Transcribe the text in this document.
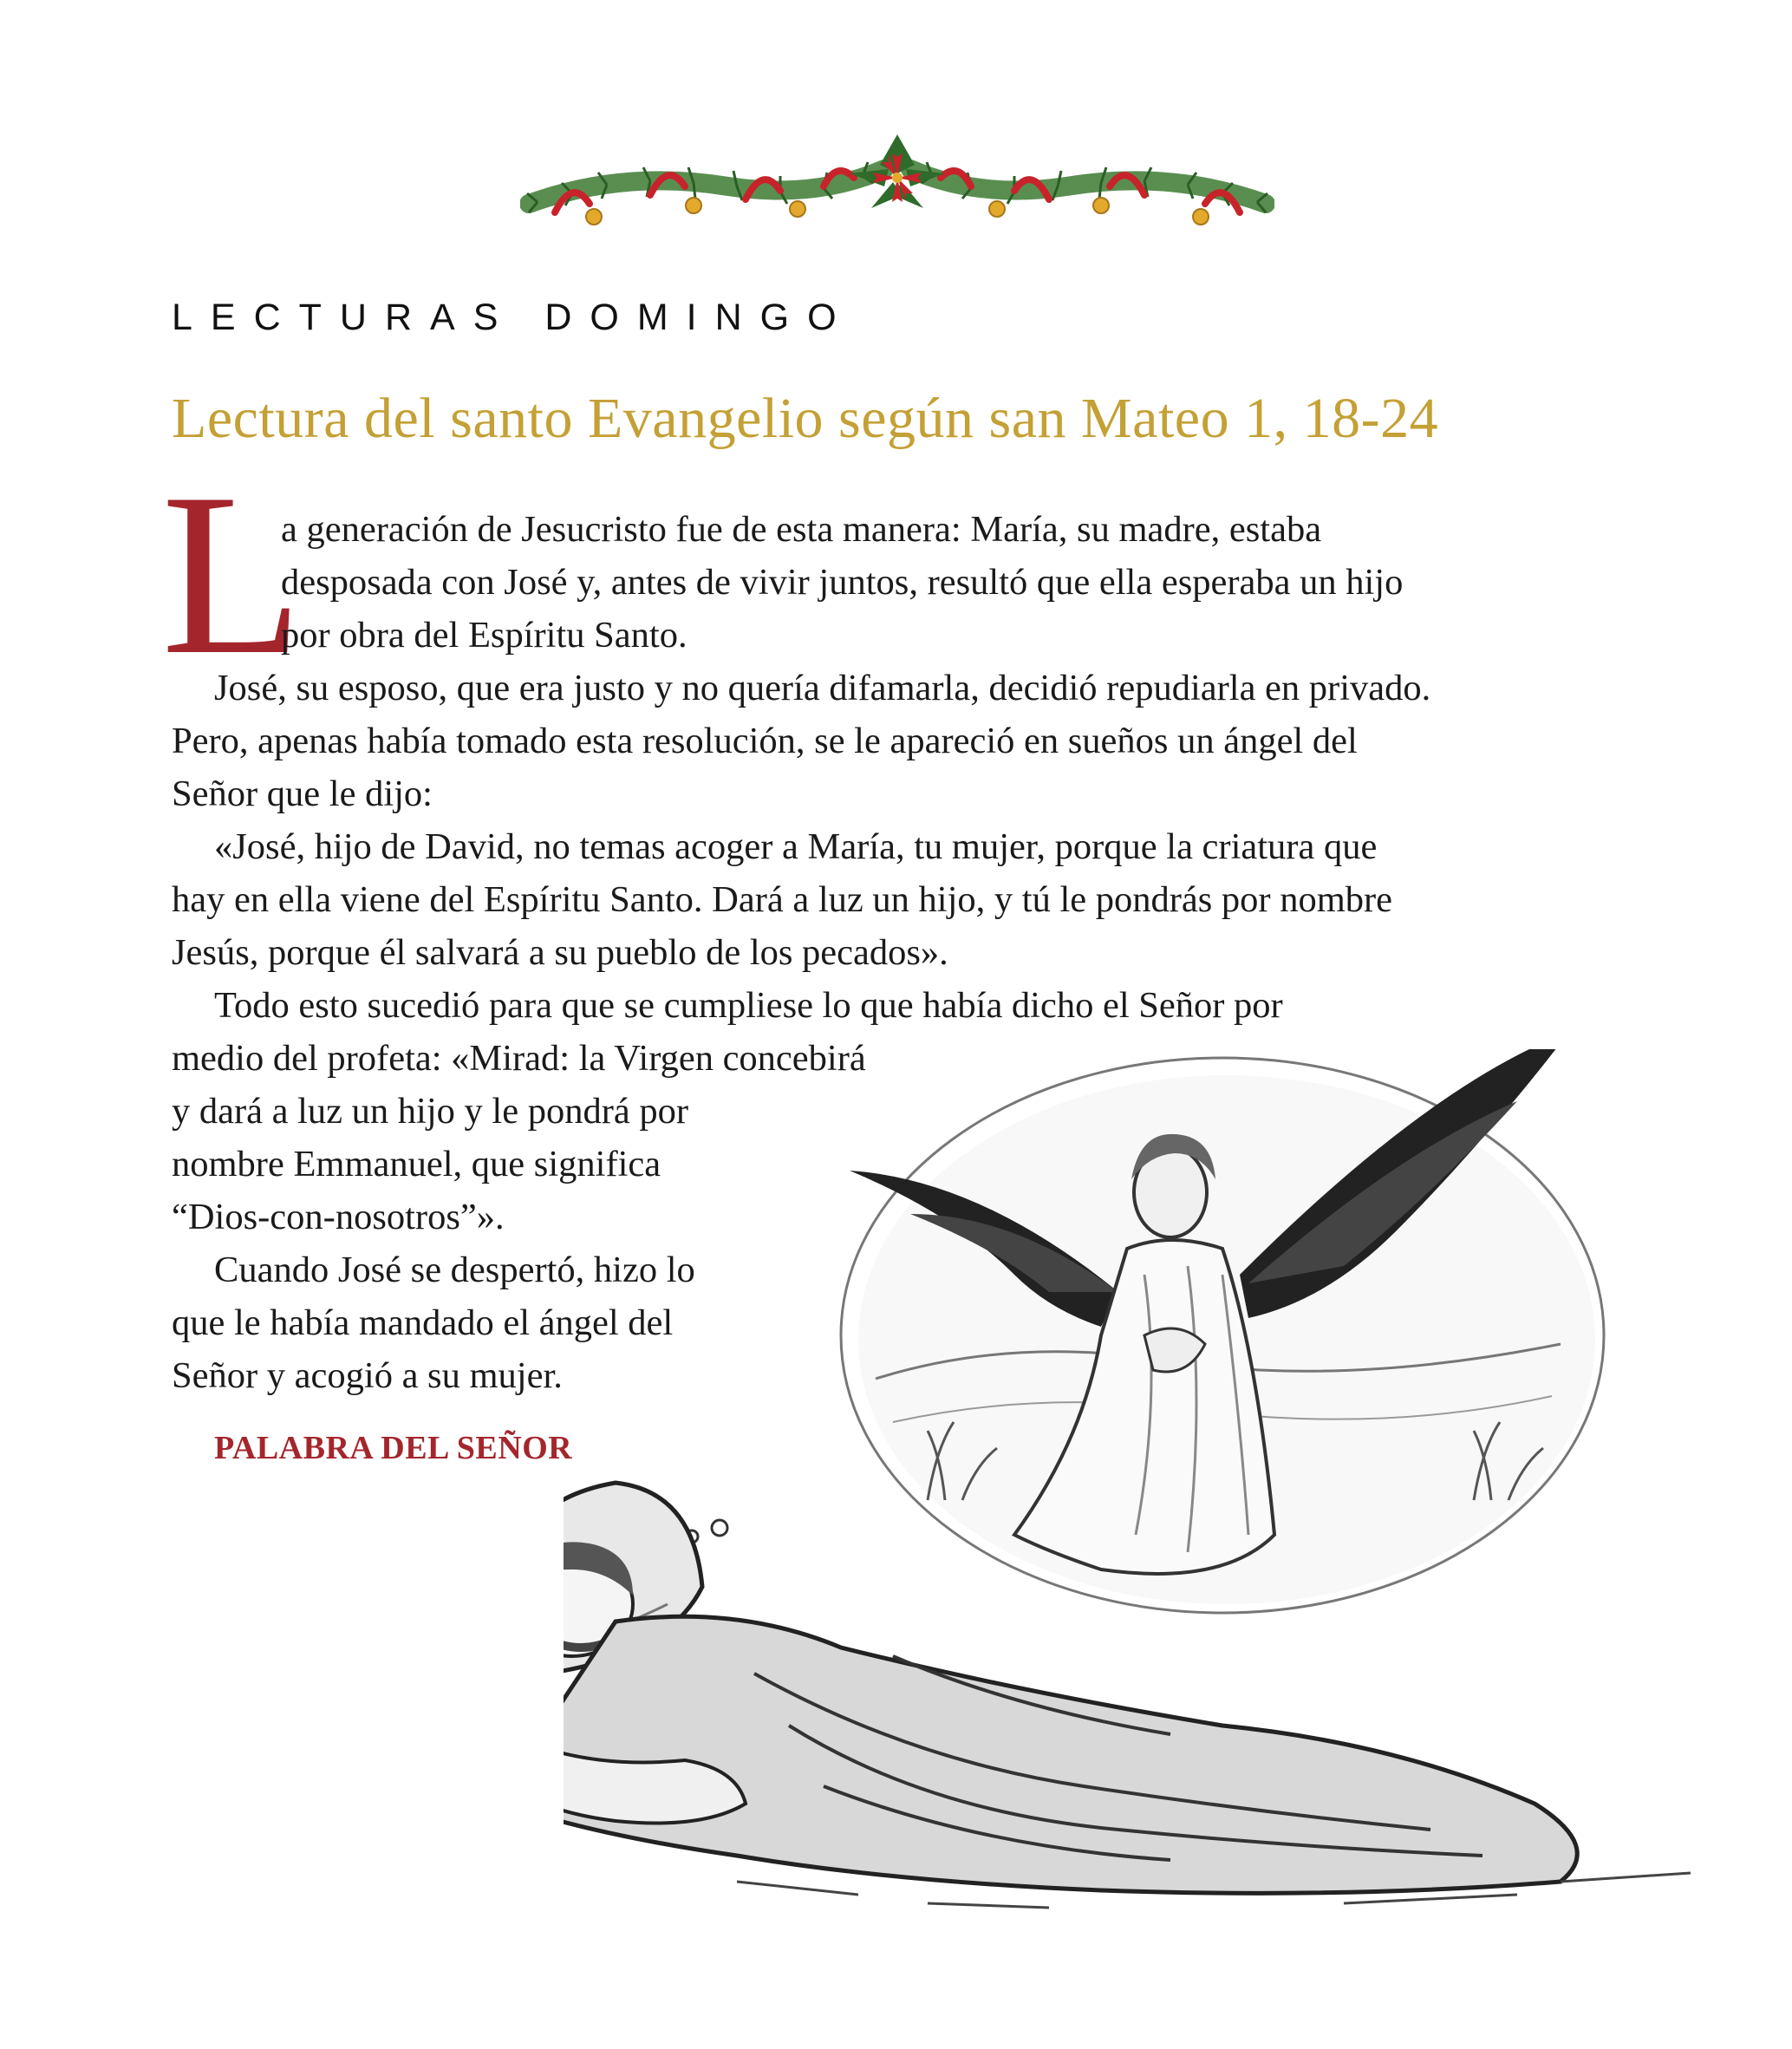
LECTURAS DOMINGO
Lectura del santo Evangelio según san Mateo 1, 18-24
L

a generación de Jesucristo fue de esta manera: María, su madre, estaba

desposada con José y, antes de vivir juntos, resultó que ella esperaba un hijo

por obra del Espíritu Santo.

José, su esposo, que era justo y no quería difamarla, decidió repudiarla en privado.

Pero, apenas había tomado esta resolución, se le apareció en sueños un ángel del

Señor que le dijo:

«José, hijo de David, no temas acoger a María, tu mujer, porque la criatura que

hay en ella viene del Espíritu Santo. Dará a luz un hijo, y tú le pondrás por nombre

Jesús, porque él salvará a su pueblo de los pecados».

Todo esto sucedió para que se cumpliese lo que había dicho el Señor por

medio del profeta: «Mirad: la Virgen concebirá

y dará a luz un hijo y le pondrá por

nombre Emmanuel, que significa

“Dios-con-nosotros”».

Cuando José se despertó, hizo lo

que le había mandado el ángel del

Señor y acogió a su mujer.

PALABRA DEL SEÑOR
